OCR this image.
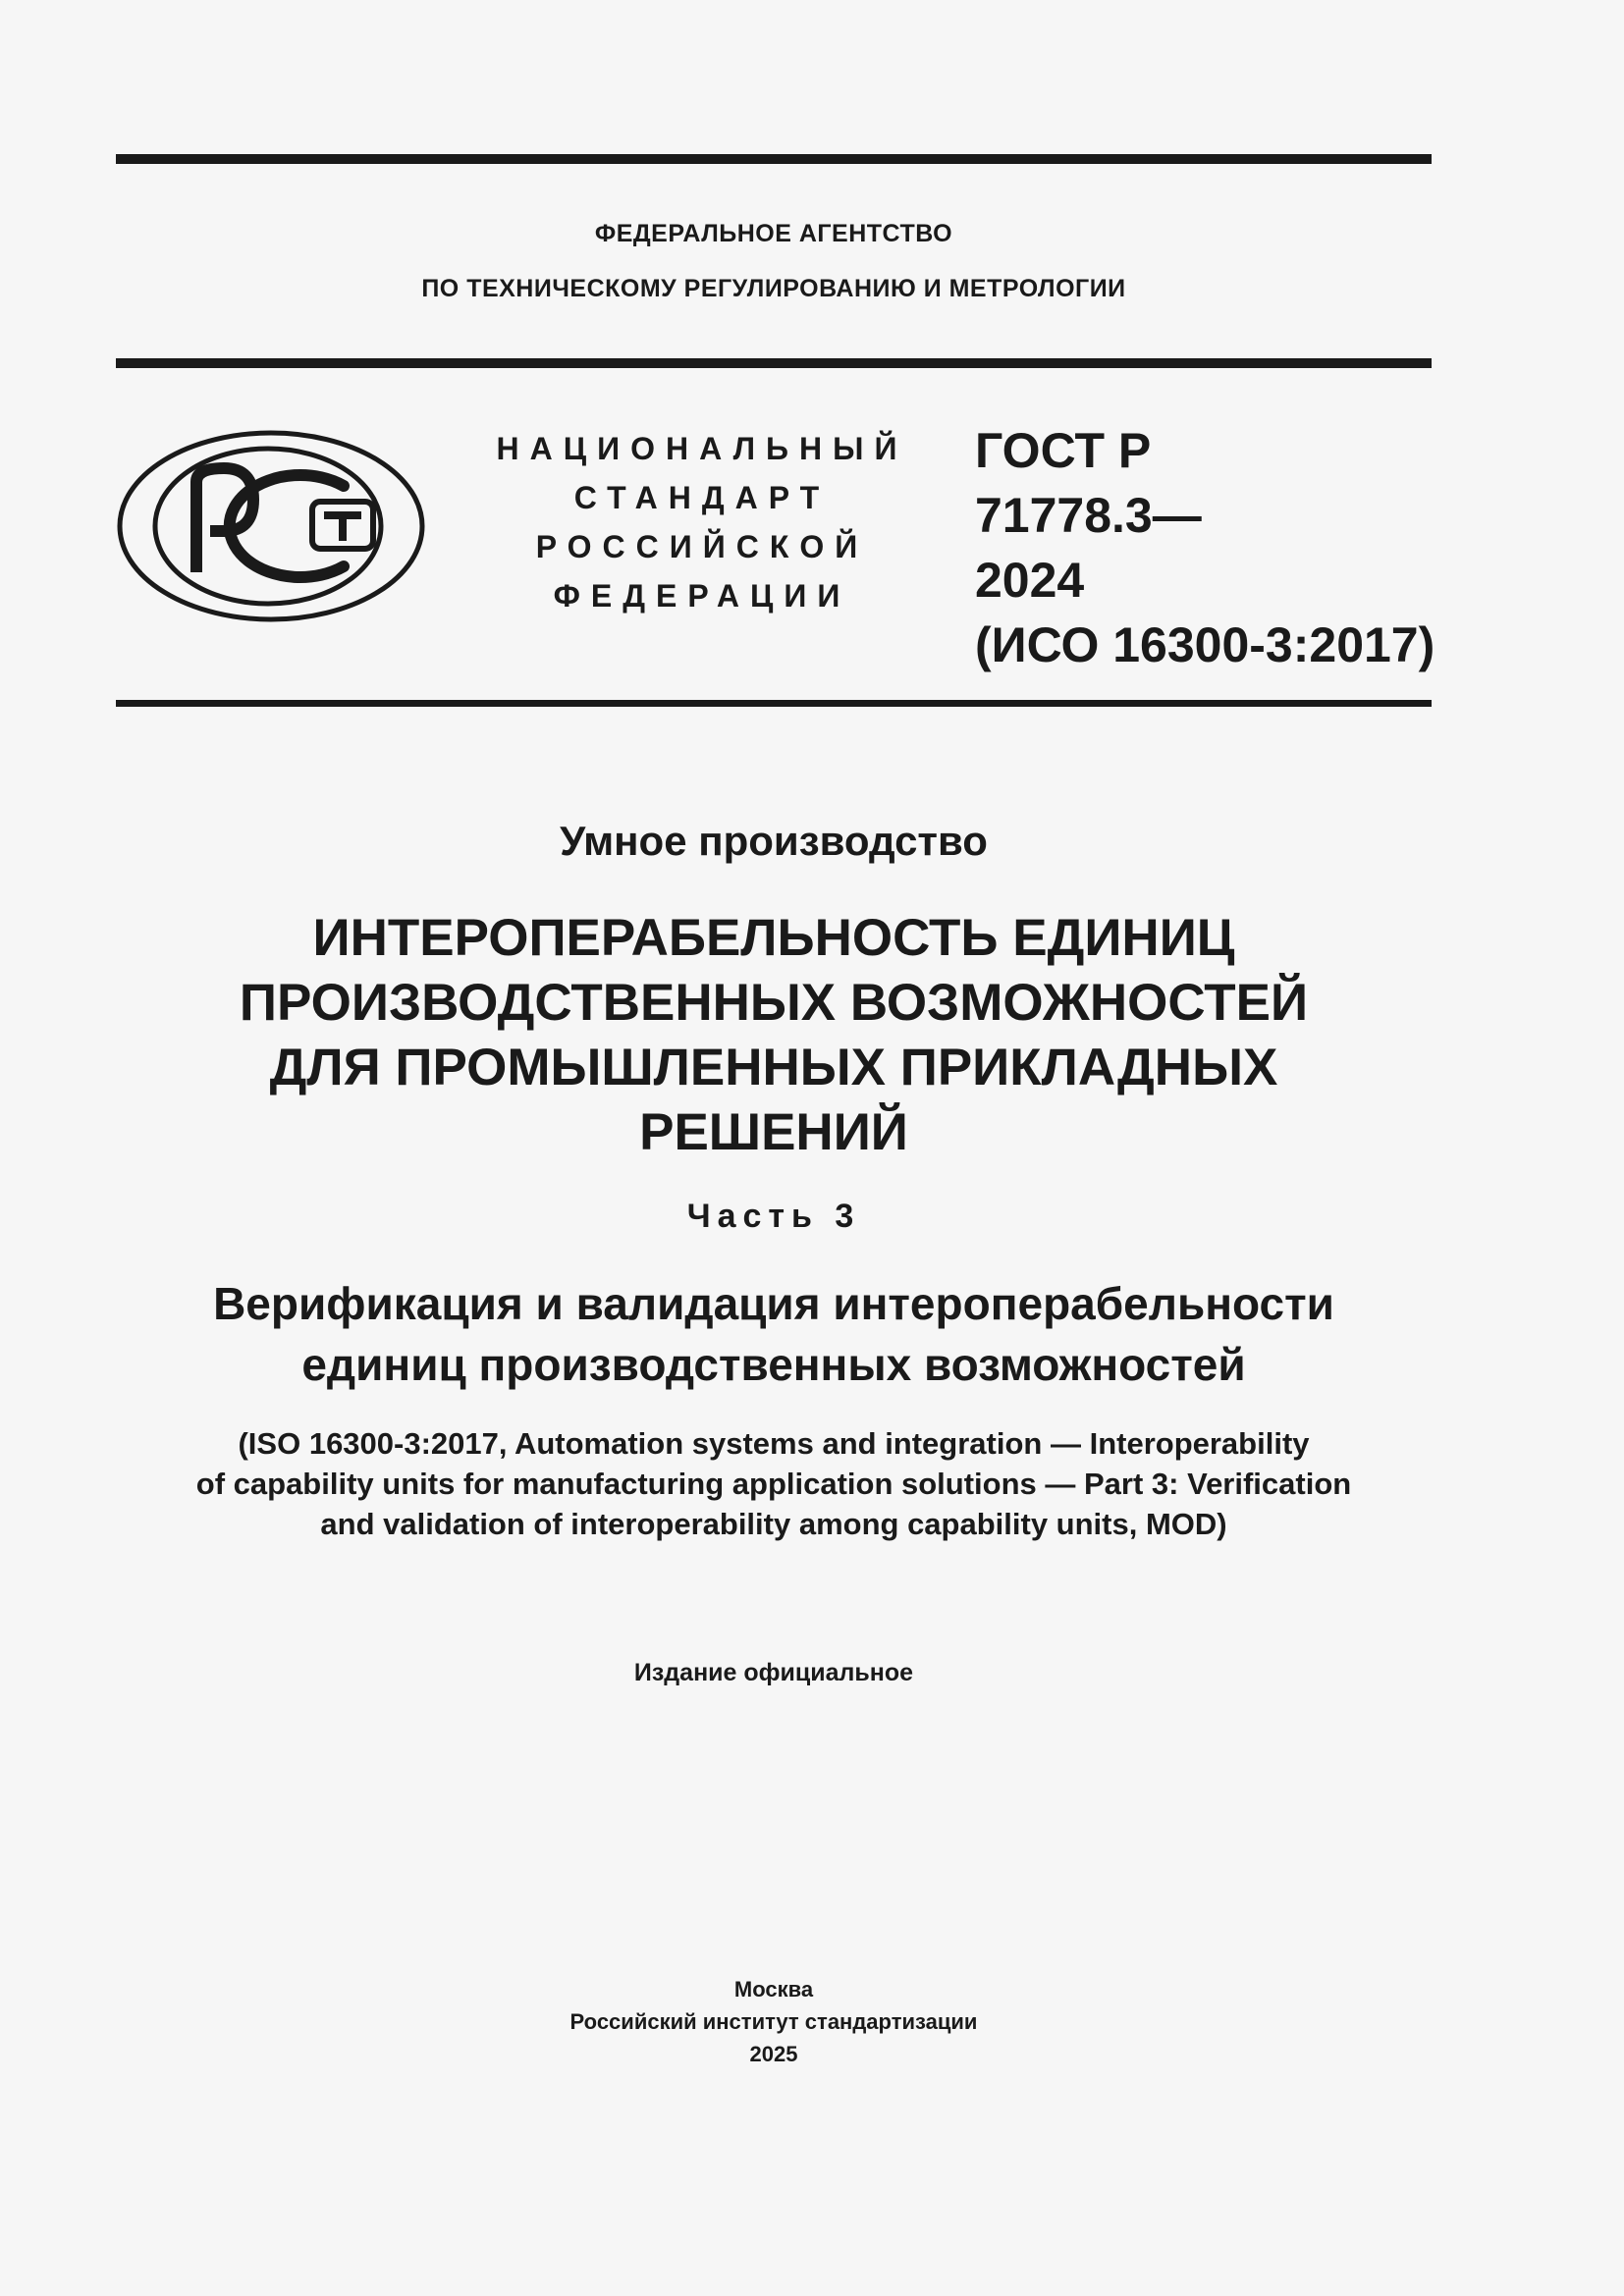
ФЕДЕРАЛЬНОЕ АГЕНТСТВО
ПО ТЕХНИЧЕСКОМУ РЕГУЛИРОВАНИЮ И МЕТРОЛОГИИ
НАЦИОНАЛЬНЫЙ
СТАНДАРТ
РОССИЙСКОЙ
ФЕДЕРАЦИИ
ГОСТ Р
71778.3—
2024
(ИСО 16300-3:2017)
Умное производство
ИНТЕРОПЕРАБЕЛЬНОСТЬ ЕДИНИЦ
ПРОИЗВОДСТВЕННЫХ ВОЗМОЖНОСТЕЙ
ДЛЯ ПРОМЫШЛЕННЫХ ПРИКЛАДНЫХ
РЕШЕНИЙ
Часть 3
Верификация и валидация интероперабельности
единиц производственных возможностей
(ISO 16300-3:2017, Automation systems and integration — Interoperability
of capability units for manufacturing application solutions — Part 3: Verification
and validation of interoperability among capability units, MOD)
Издание официальное
Москва
Российский институт стандартизации
2025
